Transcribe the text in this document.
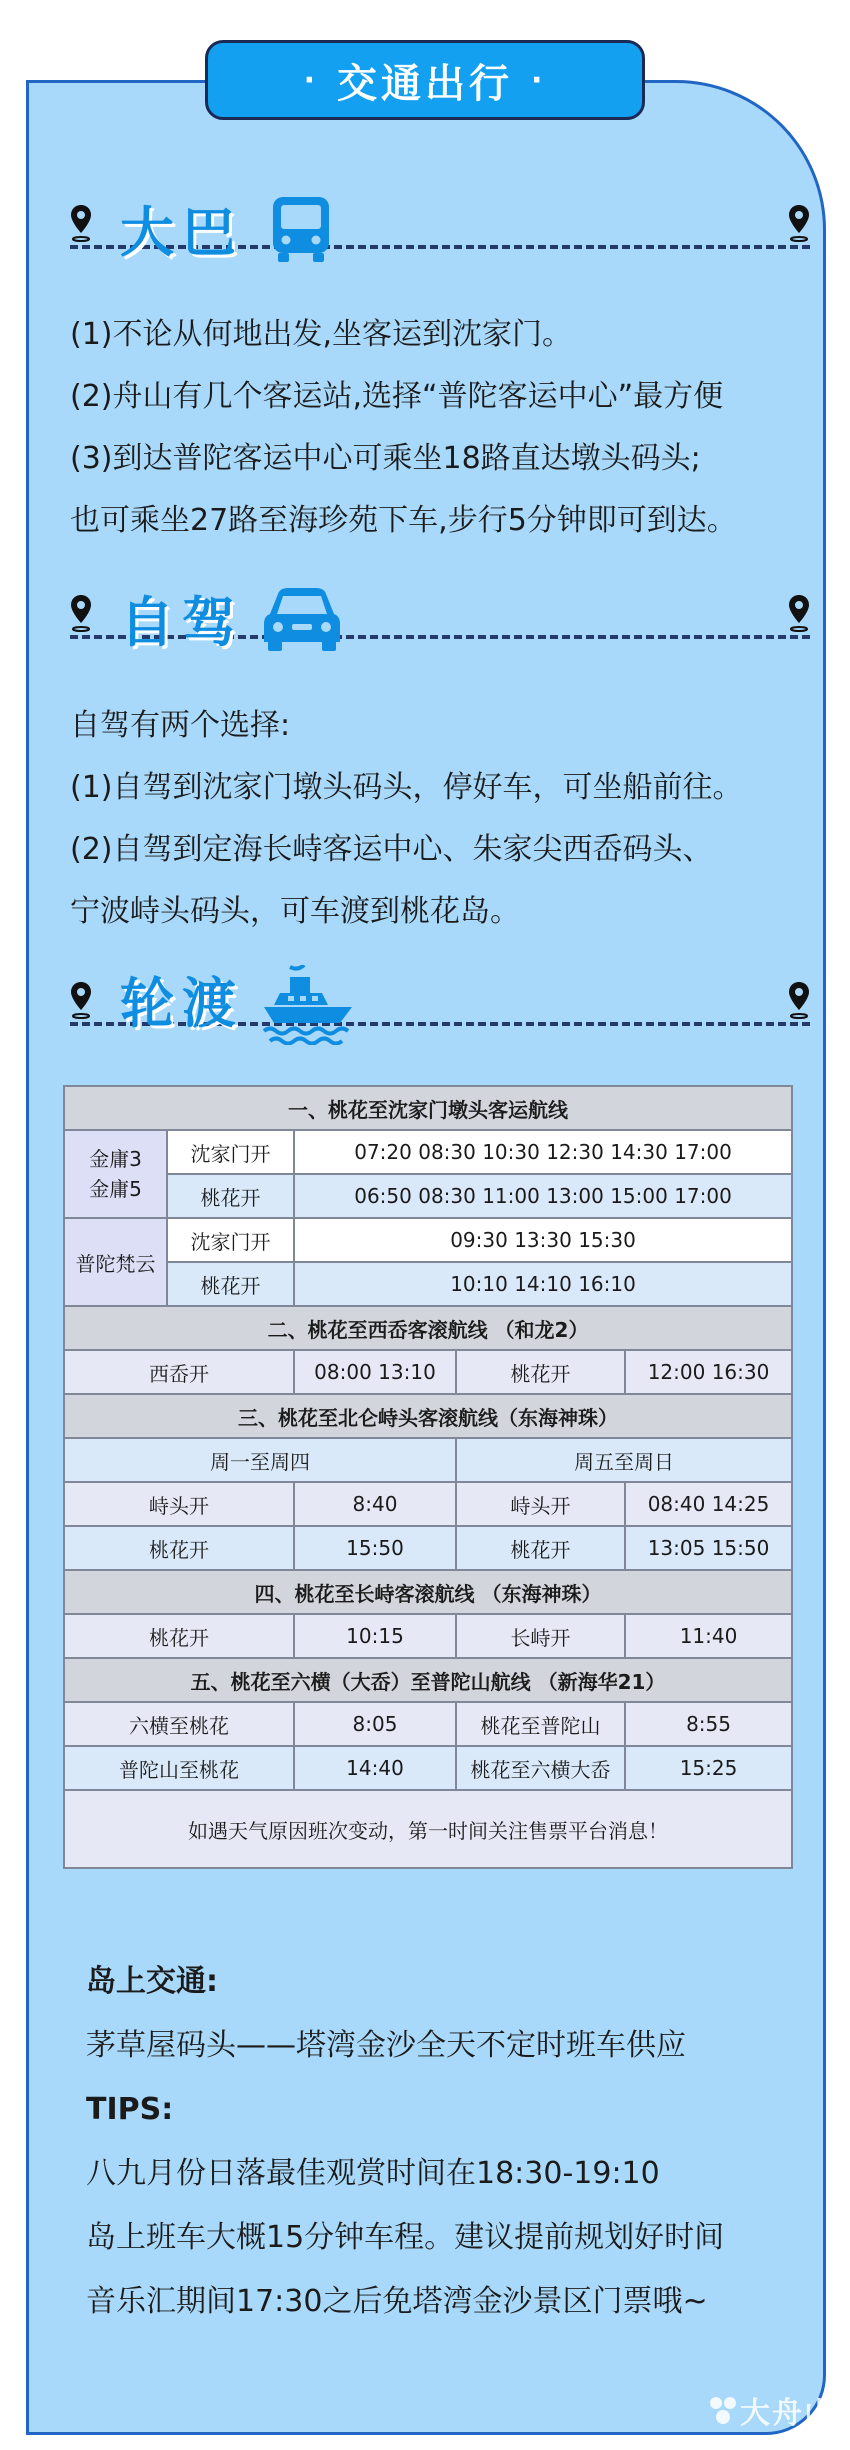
· 交通出行 ·
大巴
(1)不论从何地出发,坐客运到沈家门。
(2)舟山有几个客运站,选择“普陀客运中心”最方便
(3)到达普陀客运中心可乘坐18路直达墩头码头;
也可乘坐27路至海珍苑下车,步行5分钟即可到达。
自驾
自驾有两个选择:
(1)自驾到沈家门墩头码头，停好车，可坐船前往。
(2)自驾到定海长峙客运中心、朱家尖西岙码头、
宁波峙头码头，可车渡到桃花岛。
轮渡
一、桃花至沈家门墩头客运航线				
金庸3
金庸5	沈家门开	07:20 08:30 10:30 12:30 14:30 17:00		
	桃花开	06:50 08:30 11:00 13:00 15:00 17:00		
普陀梵云	沈家门开	09:30 13:30 15:30		
	桃花开	10:10 14:10 16:10		
二、桃花至西岙客滚航线 （和龙2）				
西岙开		08:00 13:10	桃花开	12:00 16:30
三、桃花至北仑峙头客滚航线（东海神珠）				
周一至周四			周五至周日	
峙头开		8:40	峙头开	08:40 14:25
桃花开		15:50	桃花开	13:05 15:50
四、桃花至长峙客滚航线 （东海神珠）				
桃花开		10:15	长峙开	11:40
五、桃花至六横（大岙）至普陀山航线 （新海华21）				
六横至桃花		8:05	桃花至普陀山	8:55
普陀山至桃花		14:40	桃花至六横大岙	15:25
如遇天气原因班次变动，第一时间关注售票平台消息！				
岛上交通:
茅草屋码头——塔湾金沙全天不定时班车供应
TIPS:
八九月份日落最佳观赏时间在18:30-19:10
岛上班车大概15分钟车程。建议提前规划好时间
音乐汇期间17:30之后免塔湾金沙景区门票哦~
大舟山
